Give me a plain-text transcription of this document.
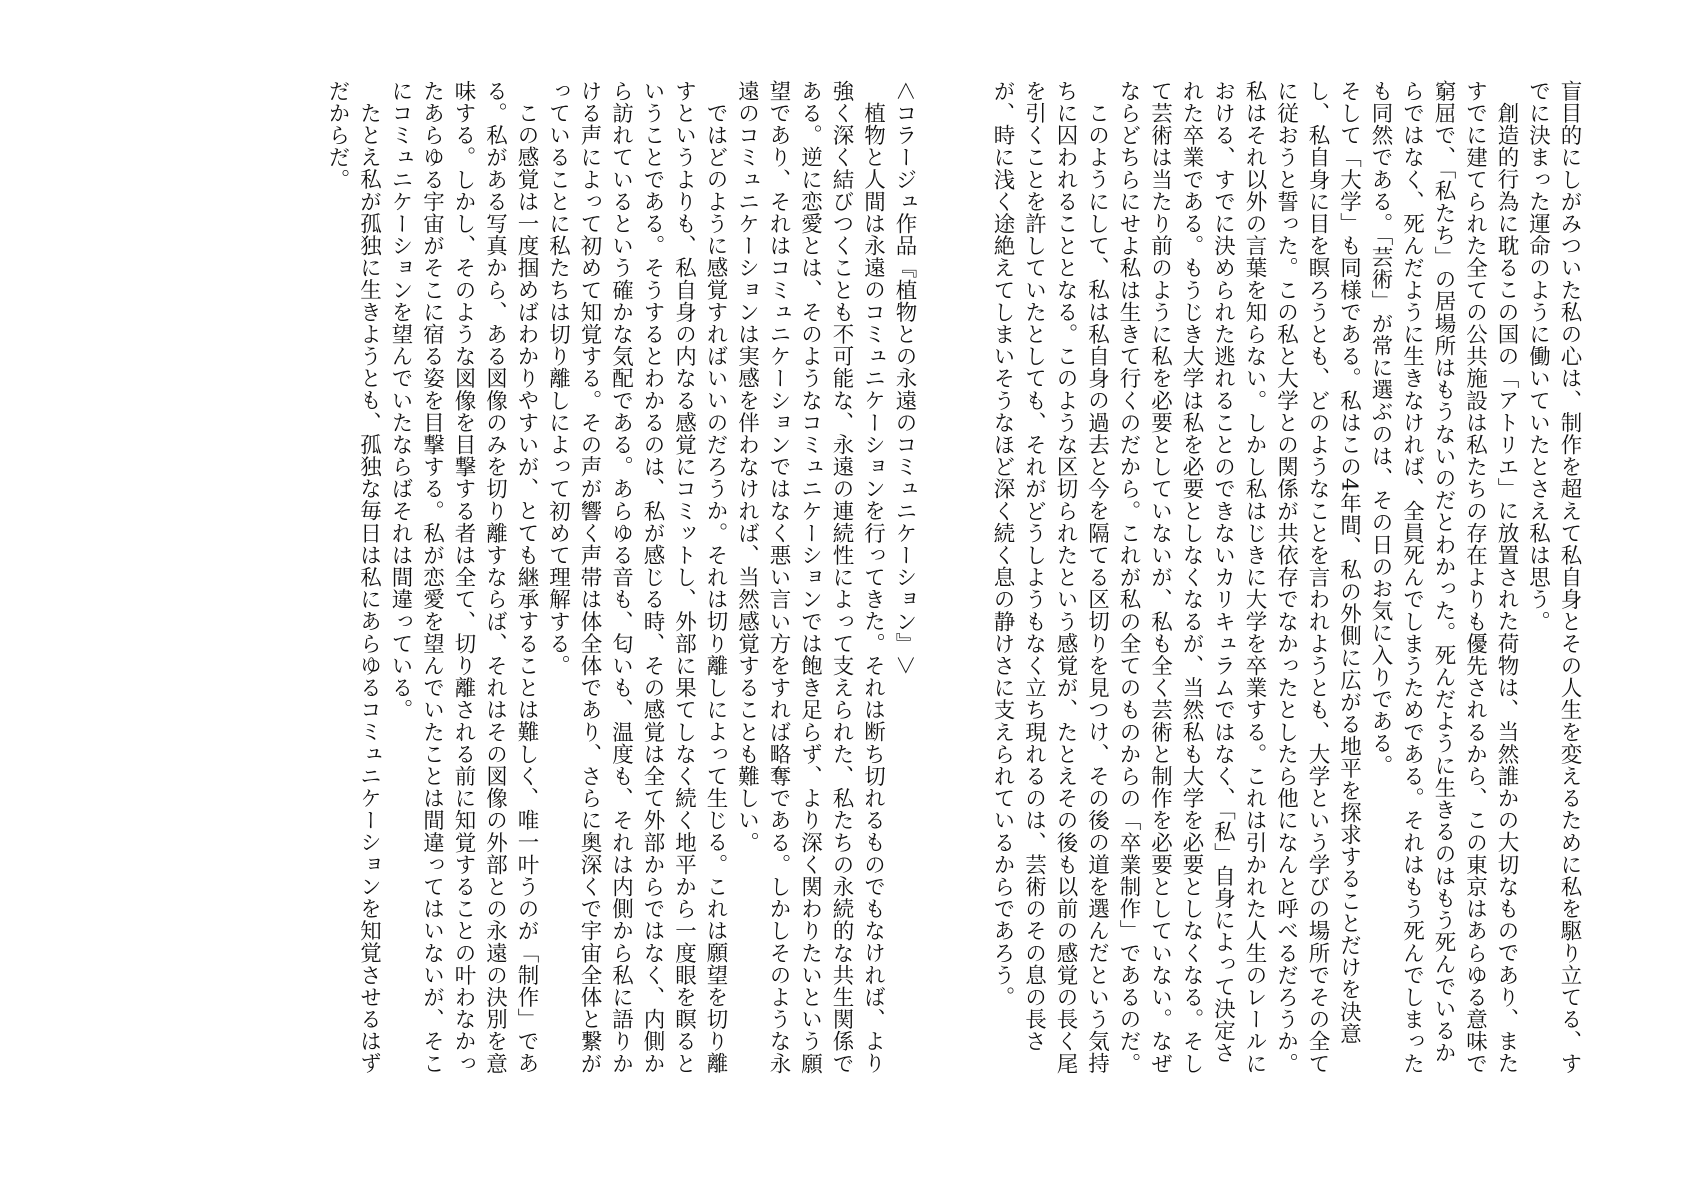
盲目的にしがみついた私の心は、制作を超えて私自身とその人生を変えるために私を駆り立てる、すでに決まった運命のように働いていたとさえ私は思う。

創造的行為に耽るこの国の「アトリエ」に放置された荷物は、当然誰かの大切なものであり、またすでに建てられた全ての公共施設は私たちの存在よりも優先されるから、この東京はあらゆる意味で窮屈で、「私たち」の居場所はもうないのだとわかった。死んだように生きるのはもう死んでいるからではなく、死んだように生きなければ、全員死んでしまうためである。それはもう死んでしまったも同然である。「芸術」が常に選ぶのは、その日のお気に入りである。

そして「大学」も同様である。私はこの4年間、私の外側に広がる地平を探求することだけを決意し、私自身に目を瞑ろうとも、どのようなことを言われようとも、大学という学びの場所でその全てに従おうと誓った。この私と大学との関係が共依存でなかったとしたら他になんと呼べるだろうか。私はそれ以外の言葉を知らない。しかし私はじきに大学を卒業する。これは引かれた人生のレールにおける、すでに決められた逃れることのできないカリキュラムではなく、「私」自身によって決定された卒業である。もうじき大学は私を必要としなくなるが、当然私も大学を必要としなくなる。そして芸術は当たり前のように私を必要としていないが、私も全く芸術と制作を必要としていない。なぜならどちらにせよ私は生きて行くのだから。これが私の全てのものからの「卒業制作」であるのだ。

このようにして、私は私自身の過去と今を隔てる区切りを見つけ、その後の道を選んだという気持ちに囚われることとなる。このような区切られたという感覚が、たとえその後も以前の感覚の長く尾を引くことを許していたとしても、それがどうしようもなく立ち現れるのは、芸術のその息の長さが、時に浅く途絶えてしまいそうなほど深く続く息の静けさに支えられているからであろう。

＜コラージュ作品『植物との永遠のコミュニケーション』＞

植物と人間は永遠のコミュニケーションを行ってきた。それは断ち切れるものでもなければ、より強く深く結びつくことも不可能な、永遠の連続性によって支えられた、私たちの永続的な共生関係である。逆に恋愛とは、そのようなコミュニケーションでは飽き足らず、より深く関わりたいという願望であり、それはコミュニケーションではなく悪い言い方をすれば略奪である。しかしそのような永遠のコミュニケーションは実感を伴わなければ、当然感覚することも難しい。

ではどのように感覚すればいいのだろうか。それは切り離しによって生じる。これは願望を切り離すというよりも、私自身の内なる感覚にコミットし、外部に果てしなく続く地平から一度眼を瞑るということである。そうするとわかるのは、私が感じる時、その感覚は全て外部からではなく、内側から訪れているという確かな気配である。あらゆる音も、匂いも、温度も、それは内側から私に語りかける声によって初めて知覚する。その声が響く声帯は体全体であり、さらに奥深くで宇宙全体と繋がっていることに私たちは切り離しによって初めて理解する。

この感覚は一度掴めばわかりやすいが、とても継承することは難しく、唯一叶うのが「制作」である。私がある写真から、ある図像のみを切り離すならば、それはその図像の外部との永遠の決別を意味する。しかし、そのような図像を目撃する者は全て、切り離される前に知覚することの叶わなかったあらゆる宇宙がそこに宿る姿を目撃する。私が恋愛を望んでいたことは間違ってはいないが、そこにコミュニケーションを望んでいたならばそれは間違っている。

たとえ私が孤独に生きようとも、孤独な毎日は私にあらゆるコミュニケーションを知覚させるはずだからだ。
